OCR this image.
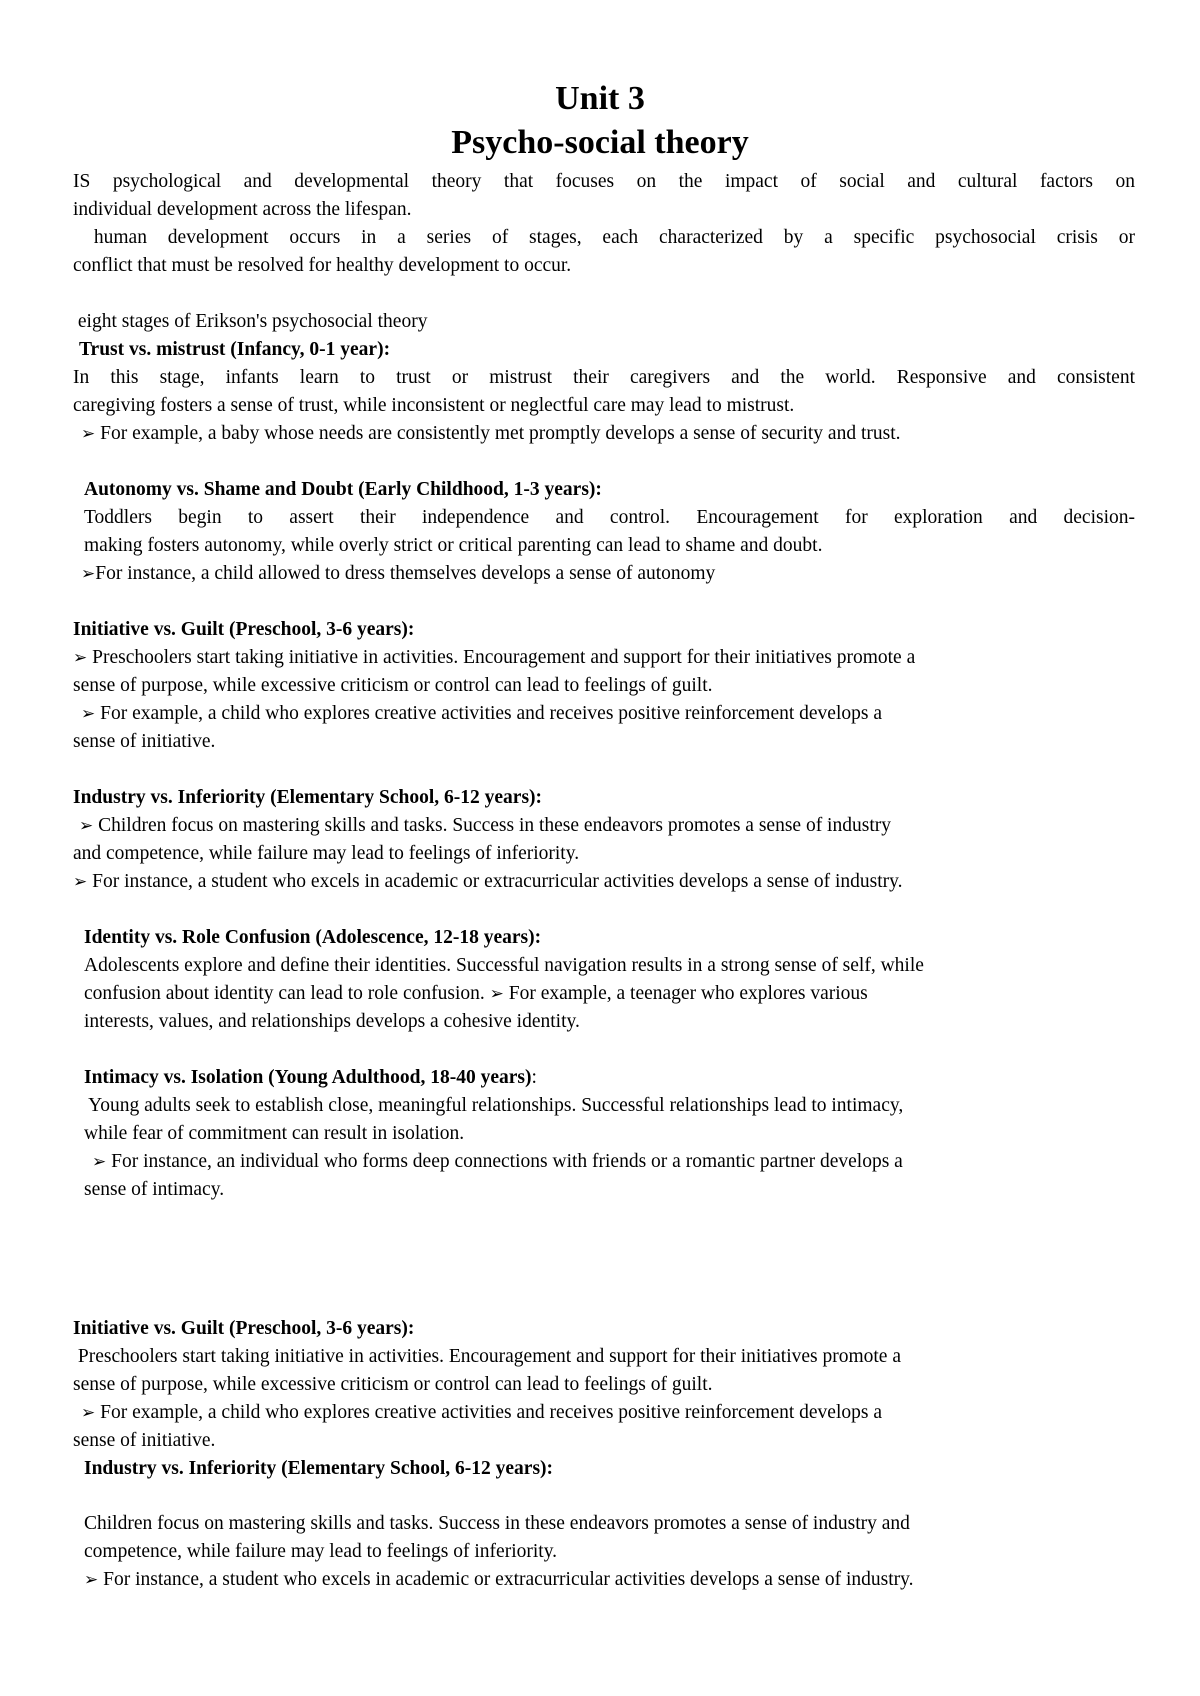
Unit 3
Psycho-social theory
IS psychological and developmental theory that focuses on the impact of social and cultural factors on
individual development across the lifespan.
human development occurs in a series of stages, each characterized by a specific psychosocial crisis or
conflict that must be resolved for healthy development to occur.
eight stages of Erikson's psychosocial theory
Trust vs. mistrust (Infancy, 0-1 year):
In this stage, infants learn to trust or mistrust their caregivers and the world. Responsive and consistent
caregiving fosters a sense of trust, while inconsistent or neglectful care may lead to mistrust.
➢ For example, a baby whose needs are consistently met promptly develops a sense of security and trust.
Autonomy vs. Shame and Doubt (Early Childhood, 1-3 years):
Toddlers begin to assert their independence and control. Encouragement for exploration and decision-
making fosters autonomy, while overly strict or critical parenting can lead to shame and doubt.
➢For instance, a child allowed to dress themselves develops a sense of autonomy
Initiative vs. Guilt (Preschool, 3-6 years):
➢ Preschoolers start taking initiative in activities. Encouragement and support for their initiatives promote a
sense of purpose, while excessive criticism or control can lead to feelings of guilt.
➢ For example, a child who explores creative activities and receives positive reinforcement develops a
sense of initiative.
Industry vs. Inferiority (Elementary School, 6-12 years):
➢ Children focus on mastering skills and tasks. Success in these endeavors promotes a sense of industry
and competence, while failure may lead to feelings of inferiority.
➢ For instance, a student who excels in academic or extracurricular activities develops a sense of industry.
Identity vs. Role Confusion (Adolescence, 12-18 years):
Adolescents explore and define their identities. Successful navigation results in a strong sense of self, while
confusion about identity can lead to role confusion. ➢ For example, a teenager who explores various
interests, values, and relationships develops a cohesive identity.
Intimacy vs. Isolation (Young Adulthood, 18-40 years):
Young adults seek to establish close, meaningful relationships. Successful relationships lead to intimacy,
while fear of commitment can result in isolation.
➢ For instance, an individual who forms deep connections with friends or a romantic partner develops a
sense of intimacy.
Initiative vs. Guilt (Preschool, 3-6 years):
Preschoolers start taking initiative in activities. Encouragement and support for their initiatives promote a
sense of purpose, while excessive criticism or control can lead to feelings of guilt.
➢ For example, a child who explores creative activities and receives positive reinforcement develops a
sense of initiative.
Industry vs. Inferiority (Elementary School, 6-12 years):
Children focus on mastering skills and tasks. Success in these endeavors promotes a sense of industry and
competence, while failure may lead to feelings of inferiority.
➢ For instance, a student who excels in academic or extracurricular activities develops a sense of industry.
